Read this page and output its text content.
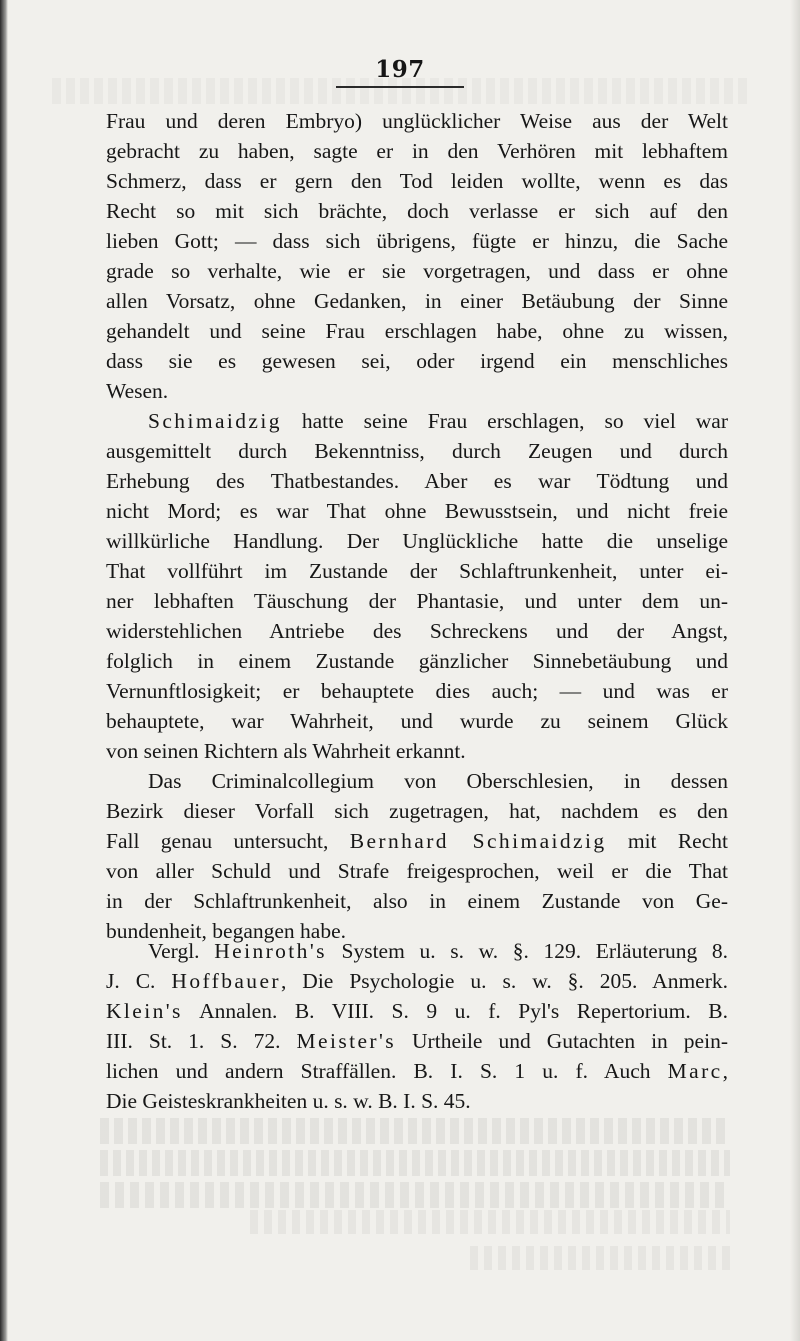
197
Frau und deren Embryo) unglücklicher Weise aus der Welt
gebracht zu haben, sagte er in den Verhören mit lebhaftem
Schmerz, dass er gern den Tod leiden wollte, wenn es das
Recht so mit sich brächte, doch verlasse er sich auf den
lieben Gott; — dass sich übrigens, fügte er hinzu, die Sache
grade so verhalte, wie er sie vorgetragen, und dass er ohne
allen Vorsatz, ohne Gedanken, in einer Betäubung der Sinne
gehandelt und seine Frau erschlagen habe, ohne zu wissen,
dass sie es gewesen sei, oder irgend ein menschliches
Wesen.
Schimaidzig hatte seine Frau erschlagen, so viel war
ausgemittelt durch Bekenntniss, durch Zeugen und durch
Erhebung des Thatbestandes. Aber es war Tödtung und
nicht Mord; es war That ohne Bewusstsein, und nicht freie
willkürliche Handlung. Der Unglückliche hatte die unselige
That vollführt im Zustande der Schlaftrunkenheit, unter ei-
ner lebhaften Täuschung der Phantasie, und unter dem un-
widerstehlichen Antriebe des Schreckens und der Angst,
folglich in einem Zustande gänzlicher Sinnebetäubung und
Vernunftlosigkeit; er behauptete dies auch; — und was er
behauptete, war Wahrheit, und wurde zu seinem Glück
von seinen Richtern als Wahrheit erkannt.
Das Criminalcollegium von Oberschlesien, in dessen
Bezirk dieser Vorfall sich zugetragen, hat, nachdem es den
Fall genau untersucht, Bernhard Schimaidzig mit Recht
von aller Schuld und Strafe freigesprochen, weil er die That
in der Schlaftrunkenheit, also in einem Zustande von Ge-
bundenheit, begangen habe.
Vergl. Heinroth's System u. s. w. §. 129. Erläuterung 8.
J. C. Hoffbauer, Die Psychologie u. s. w. §. 205. Anmerk.
Klein's Annalen. B. VIII. S. 9 u. f. Pyl's Repertorium. B.
III. St. 1. S. 72. Meister's Urtheile und Gutachten in pein-
lichen und andern Straffällen. B. I. S. 1 u. f. Auch Marc,
Die Geisteskrankheiten u. s. w. B. I. S. 45.
